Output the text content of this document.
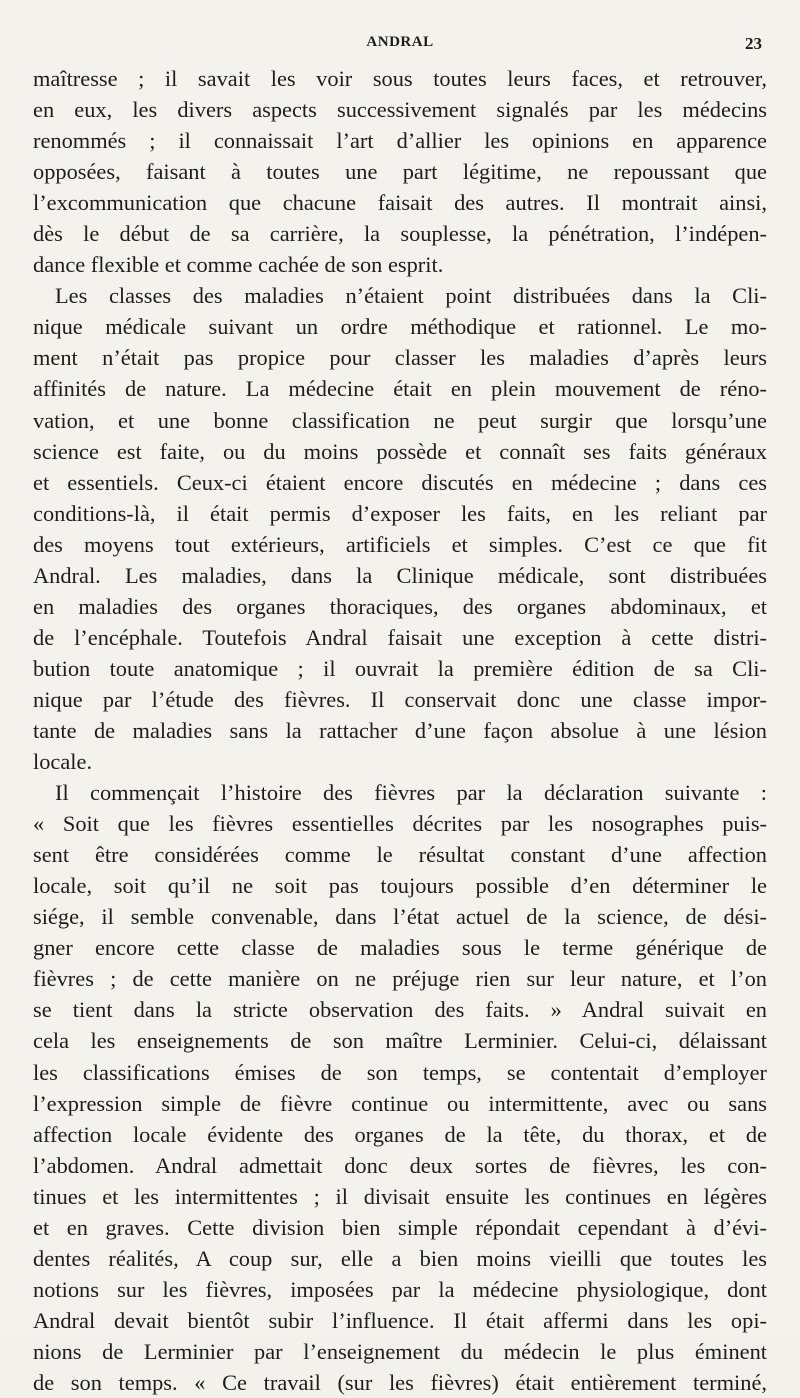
ANDRAL	23
maîtresse ; il savait les voir sous toutes leurs faces, et retrouver,
en eux, les divers aspects successivement signalés par les médecins
renommés ; il connaissait l’art d’allier les opinions en apparence
opposées, faisant à toutes une part légitime, ne repoussant que
l’excommunication que chacune faisait des autres. Il montrait ainsi,
dès le début de sa carrière, la souplesse, la pénétration, l’indépen-
dance flexible et comme cachée de son esprit.
Les classes des maladies n’étaient point distribuées dans la Cli-
nique médicale suivant un ordre méthodique et rationnel. Le mo-
ment n’était pas propice pour classer les maladies d’après leurs
affinités de nature. La médecine était en plein mouvement de réno-
vation, et une bonne classification ne peut surgir que lorsqu’une
science est faite, ou du moins possède et connaît ses faits généraux
et essentiels. Ceux-ci étaient encore discutés en médecine ; dans ces
conditions-là, il était permis d’exposer les faits, en les reliant par
des moyens tout extérieurs, artificiels et simples. C’est ce que fit
Andral. Les maladies, dans la Clinique médicale, sont distribuées
en maladies des organes thoraciques, des organes abdominaux, et
de l’encéphale. Toutefois Andral faisait une exception à cette distri-
bution toute anatomique ; il ouvrait la première édition de sa Cli-
nique par l’étude des fièvres. Il conservait donc une classe impor-
tante de maladies sans la rattacher d’une façon absolue à une lésion
locale.
Il commençait l’histoire des fièvres par la déclaration suivante :
« Soit que les fièvres essentielles décrites par les nosographes puis-
sent être considérées comme le résultat constant d’une affection
locale, soit qu’il ne soit pas toujours possible d’en déterminer le
siége, il semble convenable, dans l’état actuel de la science, de dési-
gner encore cette classe de maladies sous le terme générique de
fièvres ; de cette manière on ne préjuge rien sur leur nature, et l’on
se tient dans la stricte observation des faits. » Andral suivait en
cela les enseignements de son maître Lerminier. Celui-ci, délaissant
les classifications émises de son temps, se contentait d’employer
l’expression simple de fièvre continue ou intermittente, avec ou sans
affection locale évidente des organes de la tête, du thorax, et de
l’abdomen. Andral admettait donc deux sortes de fièvres, les con-
tinues et les intermittentes ; il divisait ensuite les continues en légères
et en graves. Cette division bien simple répondait cependant à d’évi-
dentes réalités, A coup sur, elle a bien moins vieilli que toutes les
notions sur les fièvres, imposées par la médecine physiologique, dont
Andral devait bientôt subir l’influence. Il était affermi dans les opi-
nions de Lerminier par l’enseignement du médecin le plus éminent
de son temps. « Ce travail (sur les fièvres) était entièrement terminé,
